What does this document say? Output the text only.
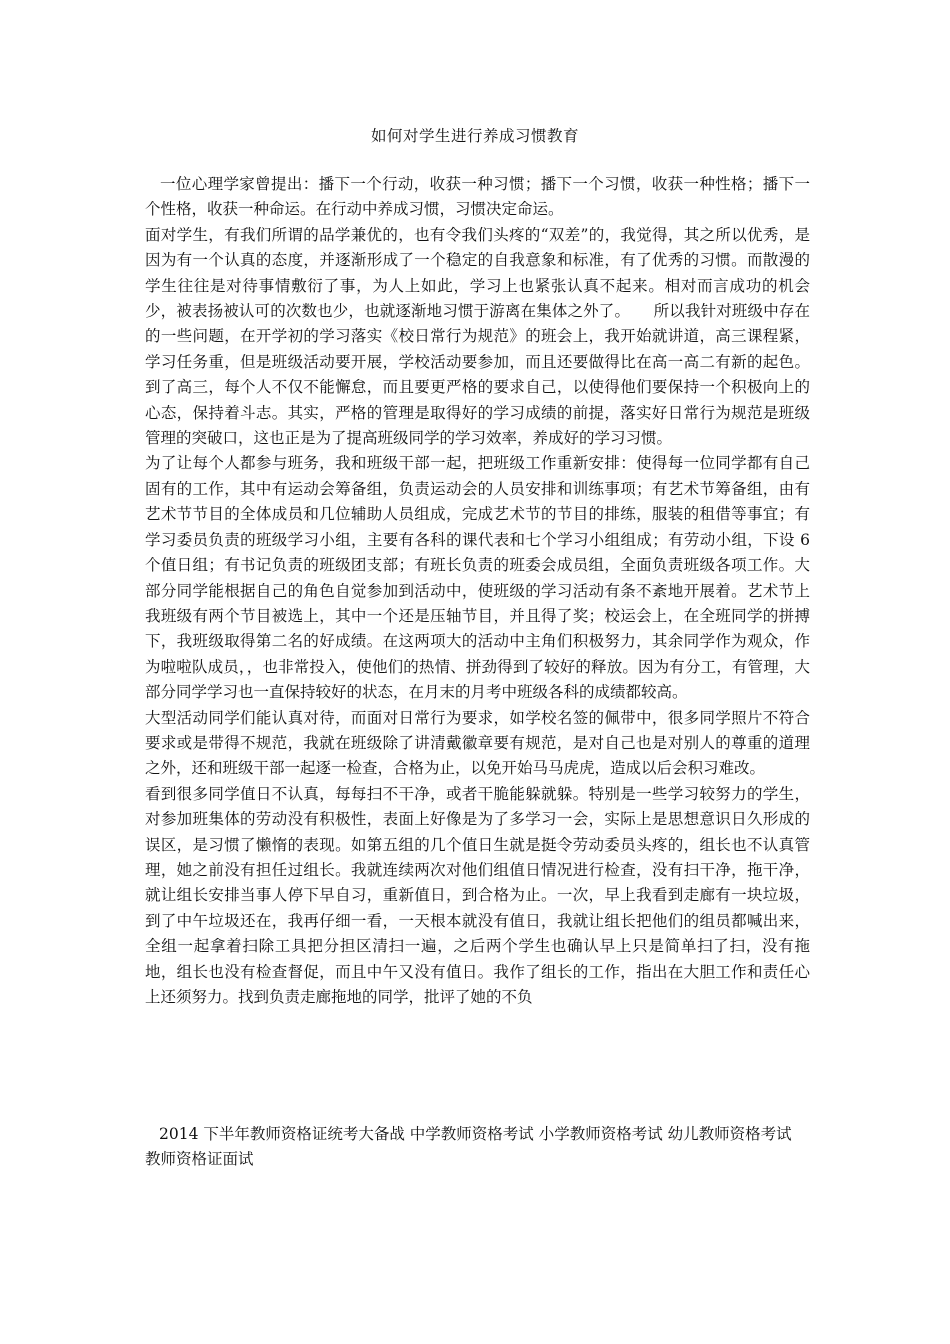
如何对学生进行养成习惯教育

一位心理学家曾提出：播下一个行动，收获一种习惯；播下一个习惯，收获一种性格；播下一个性格，收获一种命运。在行动中养成习惯，习惯决定命运。

面对学生，有我们所谓的品学兼优的，也有令我们头疼的“双差”的，我觉得，其之所以优秀，是因为有一个认真的态度，并逐渐形成了一个稳定的自我意象和标准，有了优秀的习惯。而散漫的学生往往是对待事情敷衍了事，为人上如此，学习上也紧张认真不起来。相对而言成功的机会少，被表扬被认可的次数也少，也就逐渐地习惯于游离在集体之外了。　　所以我针对班级中存在的一些问题，在开学初的学习落实《校日常行为规范》的班会上，我开始就讲道，高三课程紧，学习任务重，但是班级活动要开展，学校活动要参加，而且还要做得比在高一高二有新的起色。到了高三，每个人不仅不能懈怠，而且要更严格的要求自己，以使得他们要保持一个积极向上的心态，保持着斗志。其实，严格的管理是取得好的学习成绩的前提，落实好日常行为规范是班级管理的突破口，这也正是为了提高班级同学的学习效率，养成好的学习习惯。

为了让每个人都参与班务，我和班级干部一起，把班级工作重新安排：使得每一位同学都有自己固有的工作，其中有运动会筹备组，负责运动会的人员安排和训练事项；有艺术节筹备组，由有艺术节节目的全体成员和几位辅助人员组成，完成艺术节的节目的排练，服装的租借等事宜；有学习委员负责的班级学习小组，主要有各科的课代表和七个学习小组组成；有劳动小组，下设 6 个值日组；有书记负责的班级团支部；有班长负责的班委会成员组，全面负责班级各项工作。大部分同学能根据自己的角色自觉参加到活动中，使班级的学习活动有条不紊地开展着。艺术节上我班级有两个节目被选上，其中一个还是压轴节目，并且得了奖；校运会上，在全班同学的拼搏下，我班级取得第二名的好成绩。在这两项大的活动中主角们积极努力，其余同学作为观众，作为啦啦队成员，，也非常投入，使他们的热情、拼劲得到了较好的释放。因为有分工，有管理，大部分同学学习也一直保持较好的状态，在月末的月考中班级各科的成绩都较高。

大型活动同学们能认真对待，而面对日常行为要求，如学校名签的佩带中，很多同学照片不符合要求或是带得不规范，我就在班级除了讲清戴徽章要有规范，是对自己也是对别人的尊重的道理之外，还和班级干部一起逐一检查，合格为止，以免开始马马虎虎，造成以后会积习难改。

看到很多同学值日不认真，每每扫不干净，或者干脆能躲就躲。特别是一些学习较努力的学生，对参加班集体的劳动没有积极性，表面上好像是为了多学习一会，实际上是思想意识日久形成的误区，是习惯了懒惰的表现。如第五组的几个值日生就是挺令劳动委员头疼的，组长也不认真管理，她之前没有担任过组长。我就连续两次对他们组值日情况进行检查，没有扫干净，拖干净，就让组长安排当事人停下早自习，重新值日，到合格为止。一次，早上我看到走廊有一块垃圾，到了中午垃圾还在，我再仔细一看，一天根本就没有值日，我就让组长把他们的组员都喊出来，全组一起拿着扫除工具把分担区清扫一遍，之后两个学生也确认早上只是简单扫了扫，没有拖地，组长也没有检查督促，而且中午又没有值日。我作了组长的工作，指出在大胆工作和责任心上还须努力。找到负责走廊拖地的同学，批评了她的不负

2014 下半年教师资格证统考大备战 中学教师资格考试 小学教师资格考试 幼儿教师资格考试 教师资格证面试
